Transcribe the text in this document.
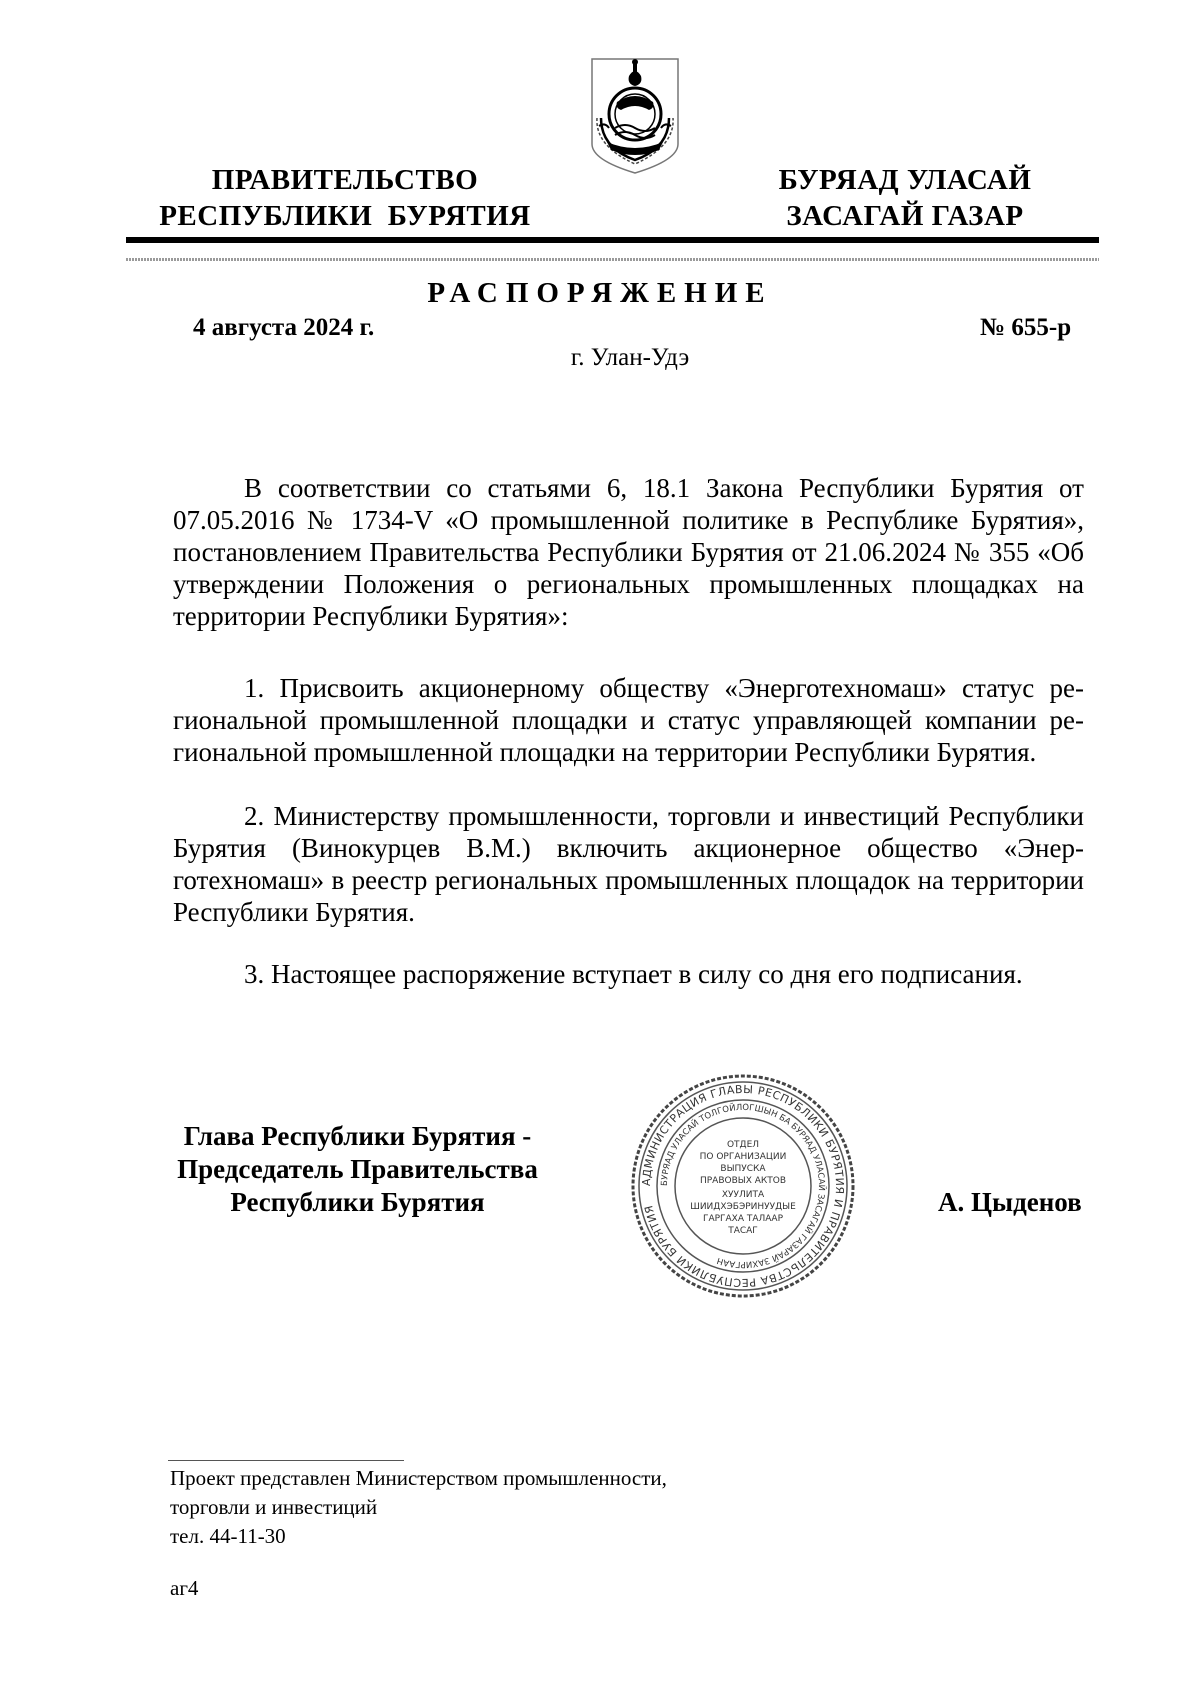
ПРАВИТЕЛЬСТВО
РЕСПУБЛИКИ  БУРЯТИЯ
БУРЯАД УЛАСАЙ
ЗАСАГАЙ ГАЗАР
РАСПОРЯЖЕНИЕ
4 августа 2024 г.	№ 655-р
г. Улан-Удэ

В соответствии со статьями 6, 18.1 Закона Республики Бурятия от 07.05.2016 № 1734-V «О промышленной политике в Республике Бурятия», постановлением Правительства Республики Бурятия от 21.06.2024 № 355 «Об утверждении Положения о региональных промышленных площадках на территории Республики Бурятия»:

1. Присвоить акционерному обществу «Энерготехномаш» статус региональной промышленной площадки и статус управляющей компании региональной промышленной площадки на территории Республики Бурятия.

2. Министерству промышленности, торговли и инвестиций Республики Бурятия (Винокурцев В.М.) включить акционерное общество «Энерготехномаш» в реестр региональных промышленных площадок на территории Республики Бурятия.

3. Настоящее распоряжение вступает в силу со дня его подписания.

Глава Республики Бурятия -
Председатель Правительства
Республики Бурятия
АДМИНИСТРАЦИЯ ГЛАВЫ РЕСПУБЛИКИ БУРЯТИЯ И ПРАВИТЕЛЬСТВА РЕСПУБЛИКИ БУРЯТИЯ
БУРЯАД УЛАСАЙ ТОЛГОЙЛОГШЫН БА БУРЯАД УЛАСАЙ ЗАСАГАЙ ГАЗАРАЙ ЗАХИРГААН
ОТДЕЛ
ПО ОРГАНИЗАЦИИ
ВЫПУСКА
ПРАВОВЫХ АКТОВ
ХУУЛИТА
ШИИДХЭБЭРИНУУДЫЕ
ГАРГАХА ТАЛААР
ТАСАГ
А. Цыденов
Проект представлен Министерством промышленности,
торговли и инвестиций
тел. 44-11-30
аг4
